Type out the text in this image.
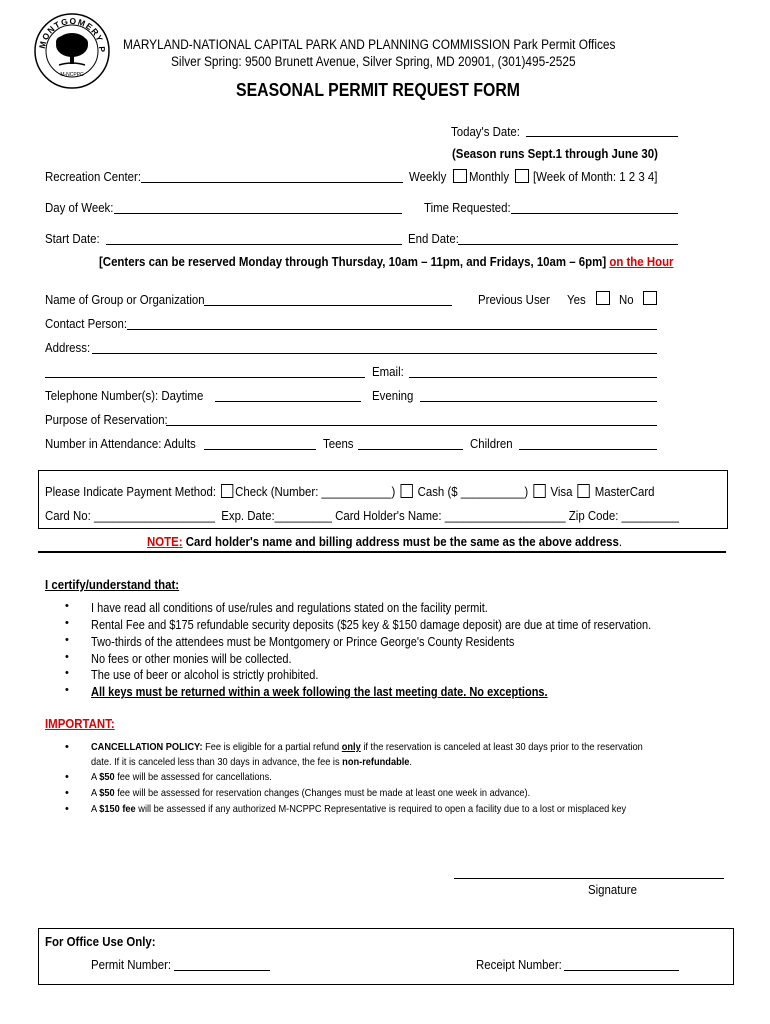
MONTGOMERY P
M-NCPPC
MARYLAND-NATIONAL CAPITAL PARK AND PLANNING COMMISSION Park Permit Offices
Silver Spring: 9500 Brunett Avenue, Silver Spring, MD 20901, (301)495-2525
SEASONAL PERMIT REQUEST FORM
Today's Date:
(Season runs Sept.1 through June 30)
Recreation Center:	Weekly Monthly [Week of Month: 1 2 3 4]
Day of Week:	Time Requested:
Start Date:	End Date:
[Centers can be reserved Monday through Thursday, 10am – 11pm, and Fridays, 10am – 6pm] on the Hour
Name of Group or Organization	Previous User Yes	No
Contact Person:
Address:
Email:
Telephone Number(s): Daytime	Evening
Purpose of Reservation:
Number in Attendance: Adults	Teens	Children
Please Indicate Payment Method: Check (Number: ___________) Cash ($ __________) Visa MasterCard
Card No: ___________________ Exp. Date:_________ Card Holder's Name: ___________________ Zip Code: _________
NOTE: Card holder's name and billing address must be the same as the above address.
I certify/understand that:
• I have read all conditions of use/rules and regulations stated on the facility permit.
• Rental Fee and $175 refundable security deposits ($25 key & $150 damage deposit) are due at time of reservation.
• Two-thirds of the attendees must be Montgomery or Prince George's County Residents
• No fees or other monies will be collected.
• The use of beer or alcohol is strictly prohibited.
• All keys must be returned within a week following the last meeting date. No exceptions.
IMPORTANT:
• CANCELLATION POLICY: Fee is eligible for a partial refund only if the reservation is canceled at least 30 days prior to the reservation
date. If it is canceled less than 30 days in advance, the fee is non-refundable.
• A $50 fee will be assessed for cancellations.
• A $50 fee will be assessed for reservation changes (Changes must be made at least one week in advance).
• A $150 fee will be assessed if any authorized M-NCPPC Representative is required to open a facility due to a lost or misplaced key
Signature
For Office Use Only:
Permit Number:	Receipt Number:
